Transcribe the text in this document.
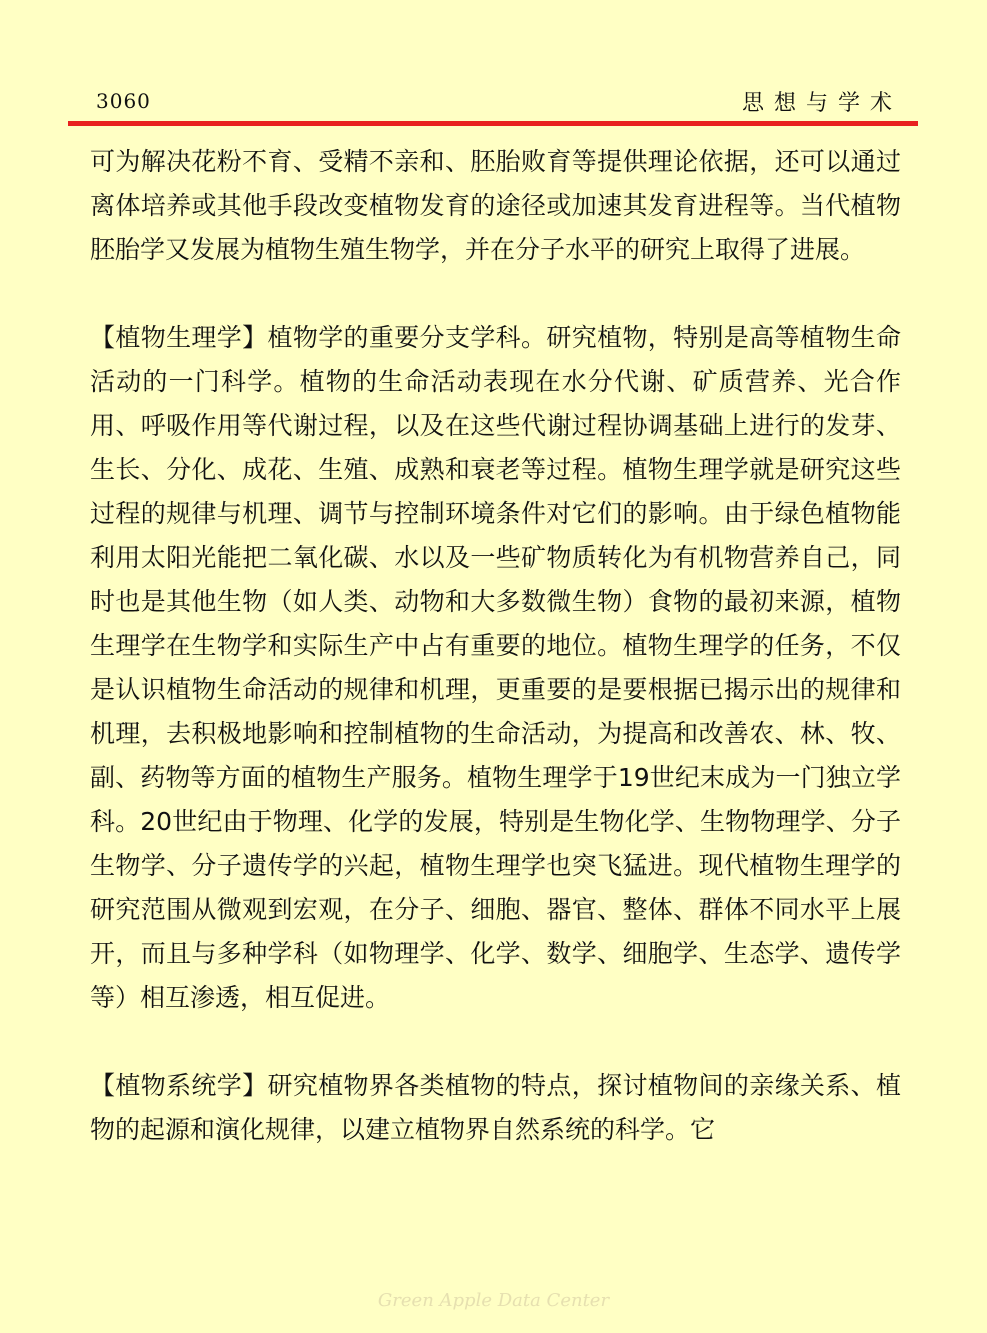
3060	思想与学术

可为解决花粉不育、受精不亲和、胚胎败育等提供理论依据，还可以通过离体培养或其他手段改变植物发育的途径或加速其发育进程等。当代植物胚胎学又发展为植物生殖生物学，并在分子水平的研究上取得了进展。

【植物生理学】植物学的重要分支学科。研究植物，特别是高等植物生命活动的一门科学。植物的生命活动表现在水分代谢、矿质营养、光合作用、呼吸作用等代谢过程，以及在这些代谢过程协调基础上进行的发芽、生长、分化、成花、生殖、成熟和衰老等过程。植物生理学就是研究这些过程的规律与机理、调节与控制环境条件对它们的影响。由于绿色植物能利用太阳光能把二氧化碳、水以及一些矿物质转化为有机物营养自己，同时也是其他生物（如人类、动物和大多数微生物）食物的最初来源，植物生理学在生物学和实际生产中占有重要的地位。植物生理学的任务，不仅是认识植物生命活动的规律和机理，更重要的是要根据已揭示出的规律和机理，去积极地影响和控制植物的生命活动，为提高和改善农、林、牧、副、药物等方面的植物生产服务。植物生理学于19世纪末成为一门独立学科。20世纪由于物理、化学的发展，特别是生物化学、生物物理学、分子生物学、分子遗传学的兴起，植物生理学也突飞猛进。现代植物生理学的研究范围从微观到宏观，在分子、细胞、器官、整体、群体不同水平上展开，而且与多种学科（如物理学、化学、数学、细胞学、生态学、遗传学等）相互渗透，相互促进。

【植物系统学】研究植物界各类植物的特点，探讨植物间的亲缘关系、植物的起源和演化规律，以建立植物界自然系统的科学。它

Green Apple Data Center
